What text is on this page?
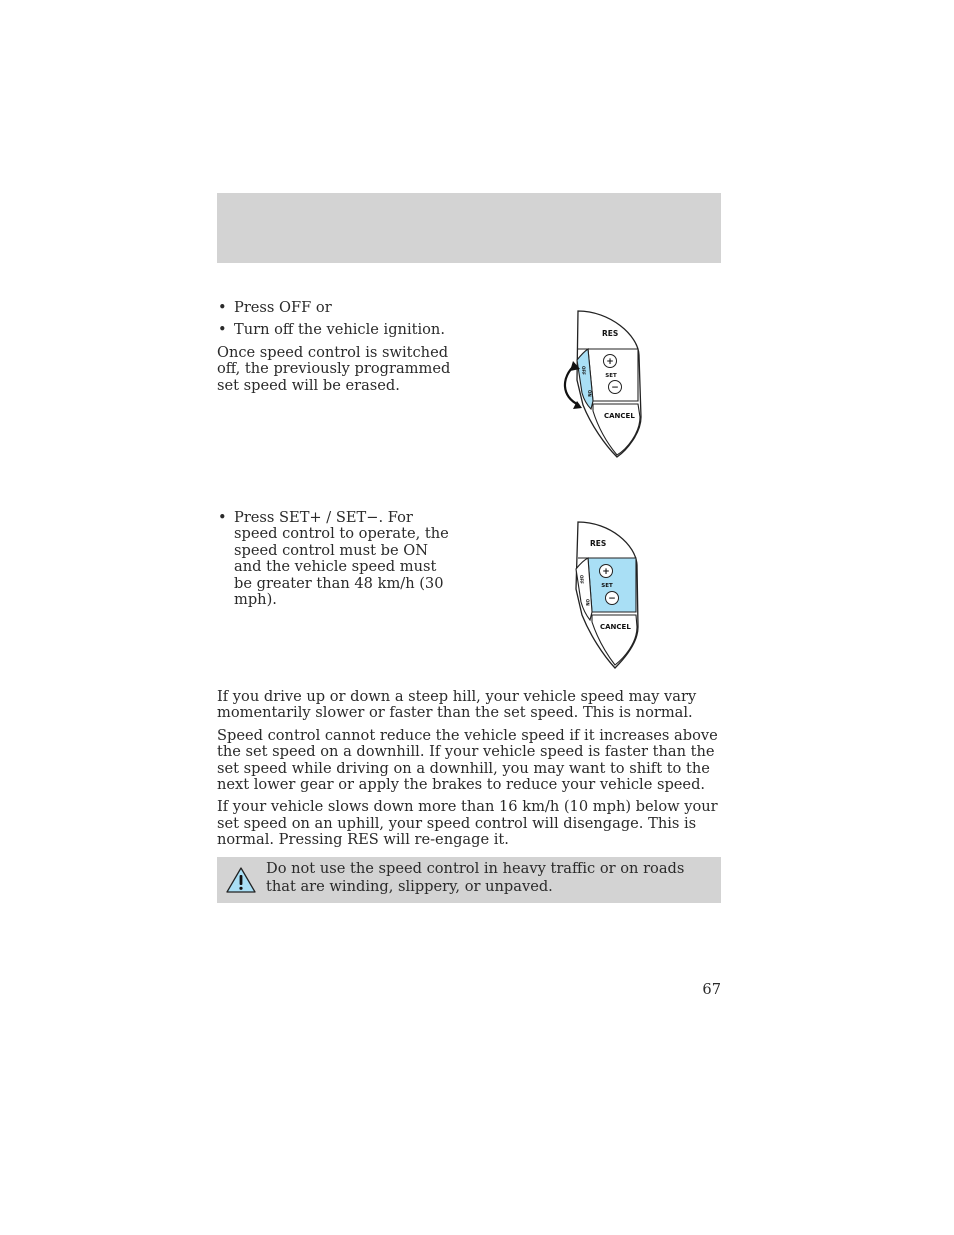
• Press OFF or
• Turn off the vehicle ignition.

Once speed control is switched off, the previously programmed set speed will be erased.

RES
+
SET
−
CANCEL
OFF
ON
• Press SET+ / SET−. For speed control to operate, the speed control must be ON and the vehicle speed must be greater than 48 km/h (30 mph).
RES
+
SET
−
CANCEL
OFF
ON

If you drive up or down a steep hill, your vehicle speed may vary momentarily slower or faster than the set speed. This is normal.

Speed control cannot reduce the vehicle speed if it increases above the set speed on a downhill. If your vehicle speed is faster than the set speed while driving on a downhill, you may want to shift to the next lower gear or apply the brakes to reduce your vehicle speed.

If your vehicle slows down more than 16 km/h (10 mph) below your set speed on an uphill, your speed control will disengage. This is normal. Pressing RES will re-engage it.

Do not use the speed control in heavy traffic or on roads that are winding, slippery, or unpaved.
67
